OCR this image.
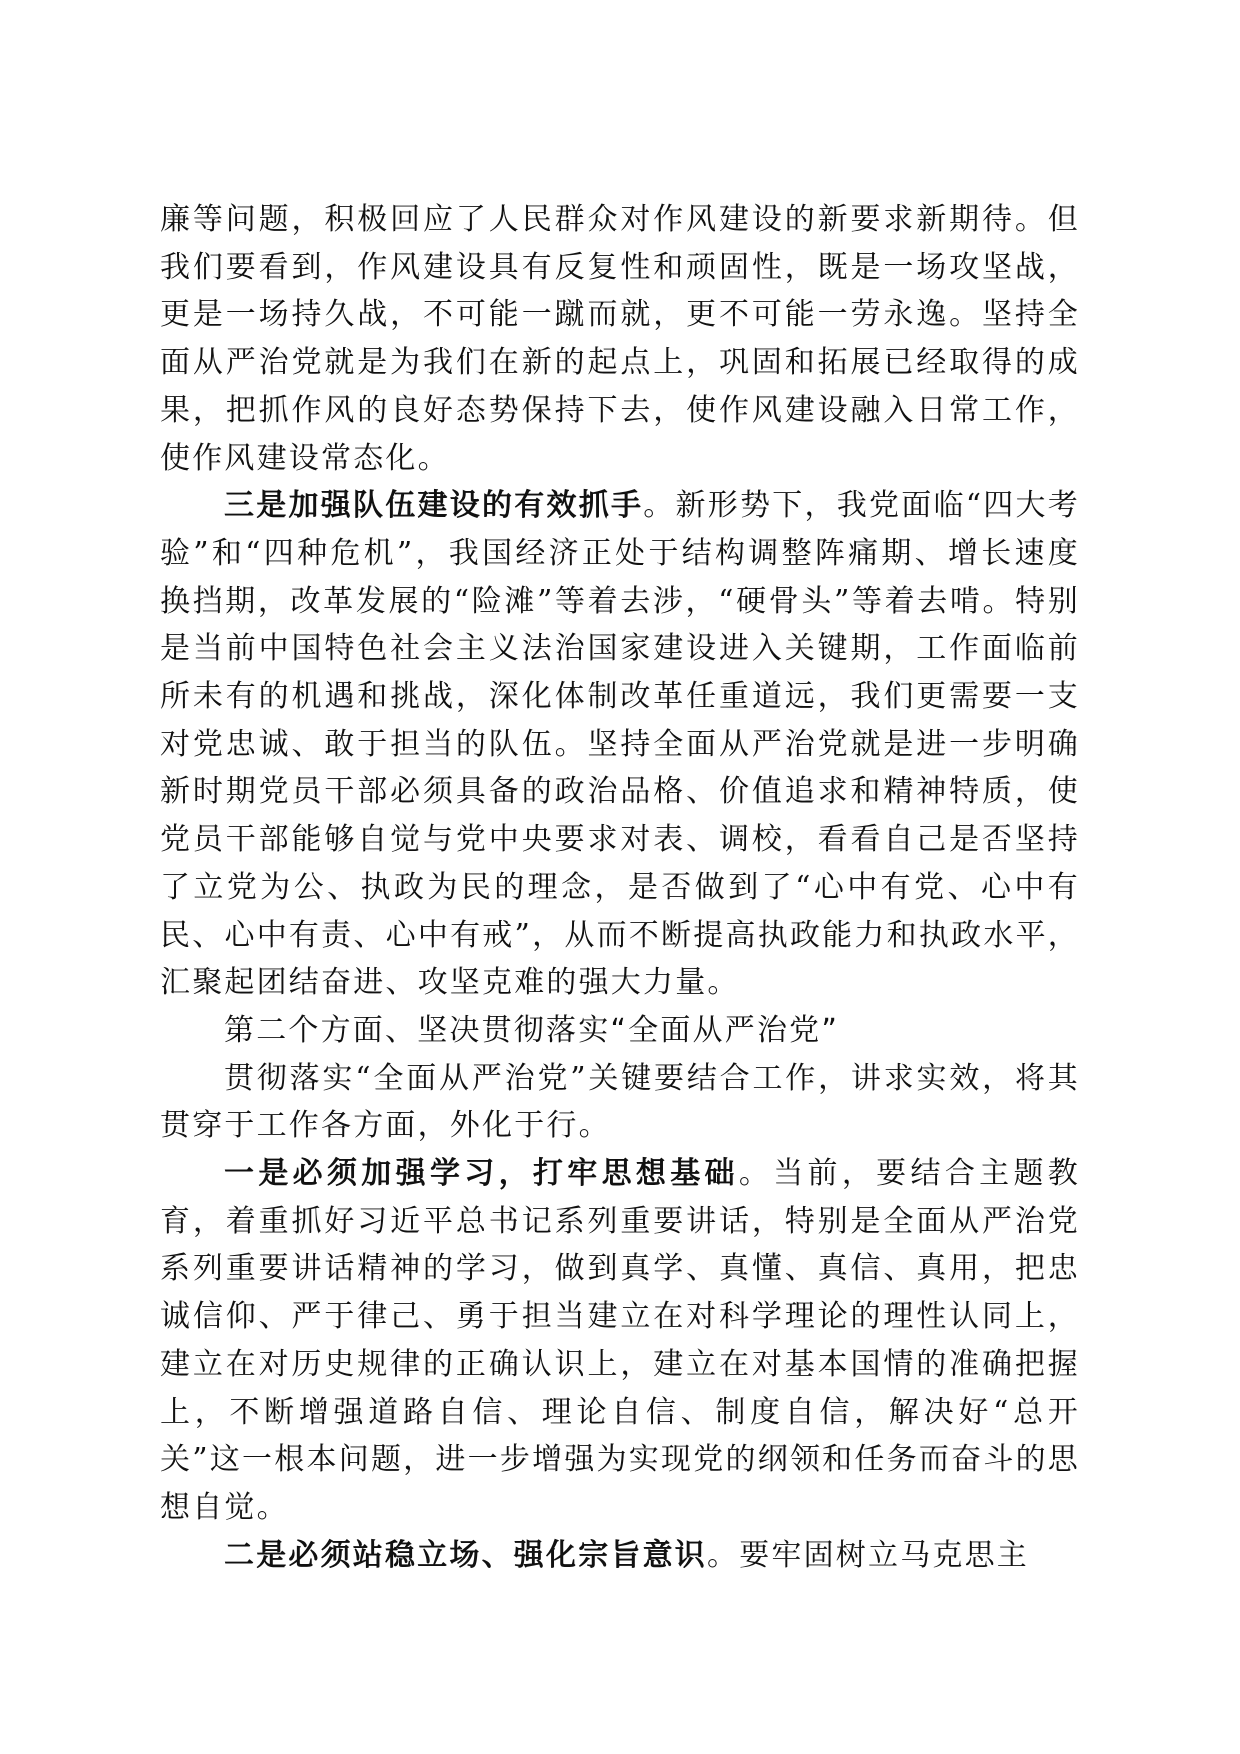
廉等问题，积极回应了人民群众对作风建设的新要求新期待。但我们要看到，作风建设具有反复性和顽固性，既是一场攻坚战，更是一场持久战，不可能一蹴而就，更不可能一劳永逸。坚持全面从严治党就是为我们在新的起点上，巩固和拓展已经取得的成果，把抓作风的良好态势保持下去，使作风建设融入日常工作，使作风建设常态化。

三是加强队伍建设的有效抓手。新形势下，我党面临“四大考验”和“四种危机”，我国经济正处于结构调整阵痛期、增长速度换挡期，改革发展的“险滩”等着去涉，“硬骨头”等着去啃。特别是当前中国特色社会主义法治国家建设进入关键期，工作面临前所未有的机遇和挑战，深化体制改革任重道远，我们更需要一支对党忠诚、敢于担当的队伍。坚持全面从严治党就是进一步明确新时期党员干部必须具备的政治品格、价值追求和精神特质，使党员干部能够自觉与党中央要求对表、调校，看看自己是否坚持了立党为公、执政为民的理念，是否做到了“心中有党、心中有民、心中有责、心中有戒”，从而不断提高执政能力和执政水平，汇聚起团结奋进、攻坚克难的强大力量。

第二个方面、坚决贯彻落实“全面从严治党”

贯彻落实“全面从严治党”关键要结合工作，讲求实效，将其贯穿于工作各方面，外化于行。

一是必须加强学习，打牢思想基础。当前，要结合主题教育，着重抓好习近平总书记系列重要讲话，特别是全面从严治党系列重要讲话精神的学习，做到真学、真懂、真信、真用，把忠诚信仰、严于律己、勇于担当建立在对科学理论的理性认同上，建立在对历史规律的正确认识上，建立在对基本国情的准确把握上，不断增强道路自信、理论自信、制度自信，解决好“总开关”这一根本问题，进一步增强为实现党的纲领和任务而奋斗的思想自觉。

二是必须站稳立场、强化宗旨意识。要牢固树立马克思主
